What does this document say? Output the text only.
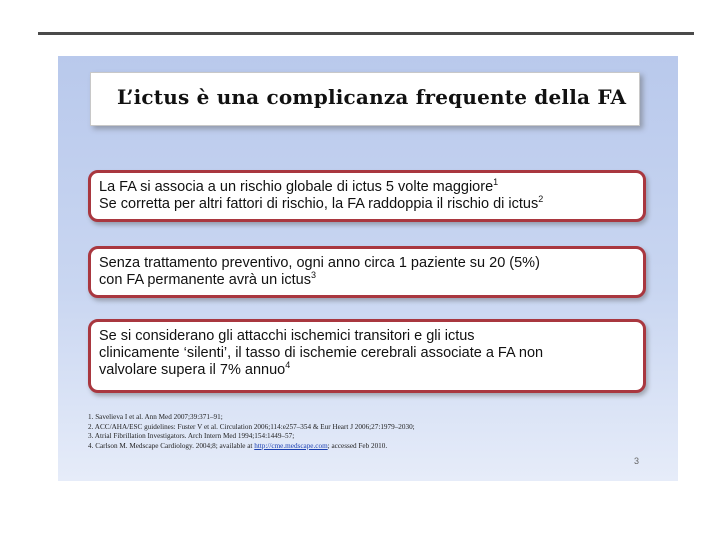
L’ictus è una complicanza frequente della FA
La FA si associa a un rischio globale di ictus 5 volte maggiore$^1$
Se corretta per altri fattori di rischio, la FA raddoppia il rischio di ictus$^2$
Senza trattamento preventivo, ogni anno circa 1 paziente su 20 (5%)
con FA permanente avrà un ictus$^3$
Se si considerano gli attacchi ischemici transitori e gli ictus
clinicamente ‘silenti’, il tasso di ischemie cerebrali associate a FA non
valvolare supera il 7% annuo$^4$
1. Savelieva I et al. Ann Med 2007;39:371–91;
2. ACC/AHA/ESC guidelines: Fuster V et al. Circulation 2006;114:e257–354 & Eur Heart J 2006;27:1979–2030;
3. Atrial Fibrillation Investigators. Arch Intern Med 1994;154:1449–57;
4. Carlson M. Medscape Cardiology. 2004;8; available at http://cme.medscape.com; accessed Feb 2010.
3
